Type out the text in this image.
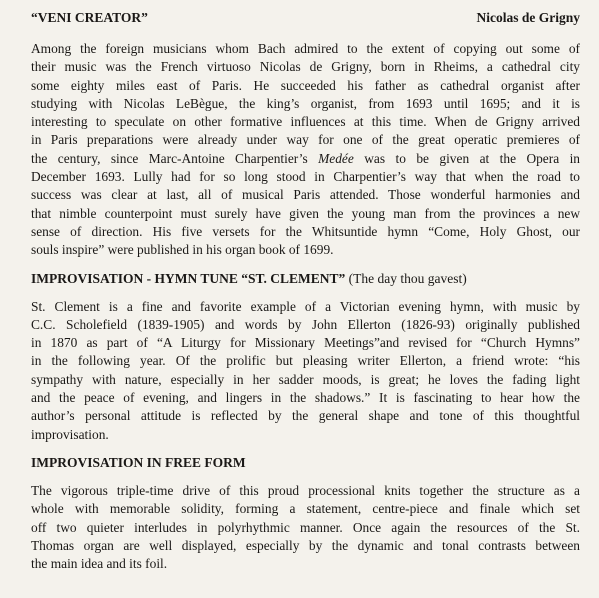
“VENI CREATOR”	Nicolas de Grigny

Among the foreign musicians whom Bach admired to the extent of copying out some of
their music was the French virtuoso Nicolas de Grigny, born in Rheims, a cathedral city
some eighty miles east of Paris. He succeeded his father as cathedral organist after
studying with Nicolas LeBègue, the king’s organist, from 1693 until 1695; and it is
interesting to speculate on other formative influences at this time. When de Grigny arrived
in Paris preparations were already under way for one of the great operatic premieres of
the century, since Marc-Antoine Charpentier’s Medée was to be given at the Opera in
December 1693. Lully had for so long stood in Charpentier’s way that when the road to
success was clear at last, all of musical Paris attended. Those wonderful harmonies and
that nimble counterpoint must surely have given the young man from the provinces a new
sense of direction. His five versets for the Whitsuntide hymn “Come, Holy Ghost, our
souls inspire” were published in his organ book of 1699.

IMPROVISATION - HYMN TUNE “ST. CLEMENT” (The day thou gavest)

St. Clement is a fine and favorite example of a Victorian evening hymn, with music by
C.C. Scholefield (1839-1905) and words by John Ellerton (1826-93) originally published
in 1870 as part of “A Liturgy for Missionary Meetings”and revised for “Church Hymns”
in the following year. Of the prolific but pleasing writer Ellerton, a friend wrote: “his
sympathy with nature, especially in her sadder moods, is great; he loves the fading light
and the peace of evening, and lingers in the shadows.” It is fascinating to hear how the
author’s personal attitude is reflected by the general shape and tone of this thoughtful
improvisation.

IMPROVISATION IN FREE FORM

The vigorous triple-time drive of this proud processional knits together the structure as a
whole with memorable solidity, forming a statement, centre-piece and finale which set
off two quieter interludes in polyrhythmic manner. Once again the resources of the St.
Thomas organ are well displayed, especially by the dynamic and tonal contrasts between
the main idea and its foil.
